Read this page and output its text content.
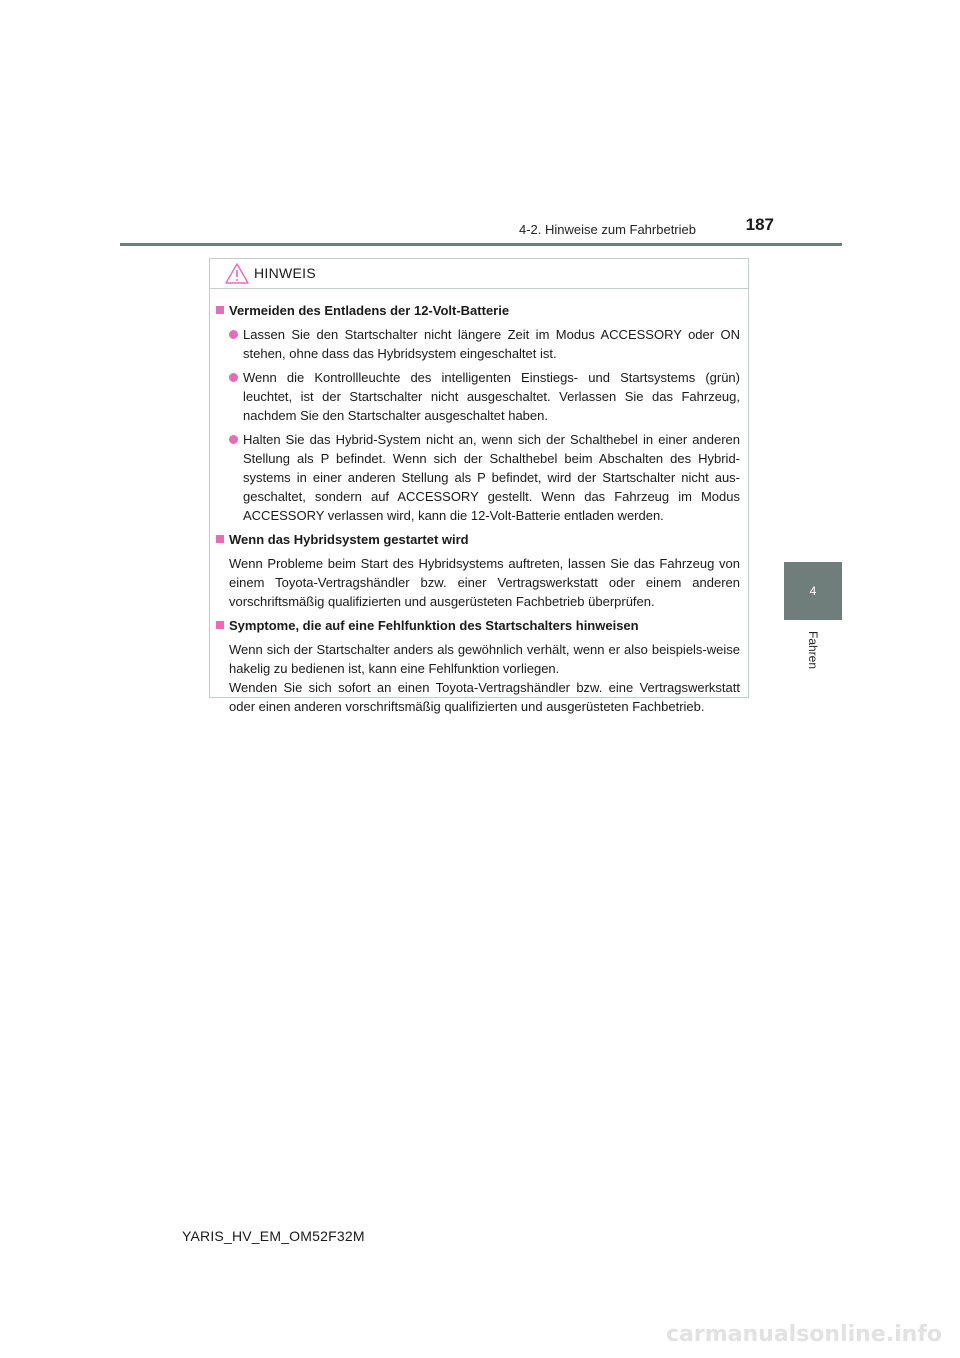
4-2. Hinweise zum Fahrbetrieb	187
4
Fahren
HINWEIS
Vermeiden des Entladens der 12-Volt-Batterie
Lassen Sie den Startschalter nicht längere Zeit im Modus ACCESSORY oder ON stehen, ohne dass das Hybridsystem eingeschaltet ist.
Wenn die Kontrollleuchte des intelligenten Einstiegs- und Startsystems (grün) leuchtet, ist der Startschalter nicht ausgeschaltet. Verlassen Sie das Fahrzeug, nachdem Sie den Startschalter ausgeschaltet haben.
Halten Sie das Hybrid-System nicht an, wenn sich der Schalthebel in einer anderen Stellung als P befindet. Wenn sich der Schalthebel beim Abschalten des Hybrid-systems in einer anderen Stellung als P befindet, wird der Startschalter nicht aus-geschaltet, sondern auf ACCESSORY gestellt. Wenn das Fahrzeug im Modus ACCESSORY verlassen wird, kann die 12-Volt-Batterie entladen werden.
Wenn das Hybridsystem gestartet wird
Wenn Probleme beim Start des Hybridsystems auftreten, lassen Sie das Fahrzeug von einem Toyota-Vertragshändler bzw. einer Vertragswerkstatt oder einem anderen vorschriftsmäßig qualifizierten und ausgerüsteten Fachbetrieb überprüfen.
Symptome, die auf eine Fehlfunktion des Startschalters hinweisen
Wenn sich der Startschalter anders als gewöhnlich verhält, wenn er also beispiels-weise hakelig zu bedienen ist, kann eine Fehlfunktion vorliegen.
Wenden Sie sich sofort an einen Toyota-Vertragshändler bzw. eine Vertragswerkstatt oder einen anderen vorschriftsmäßig qualifizierten und ausgerüsteten Fachbetrieb.
YARIS_HV_EM_OM52F32M
carmanualsonline.info
